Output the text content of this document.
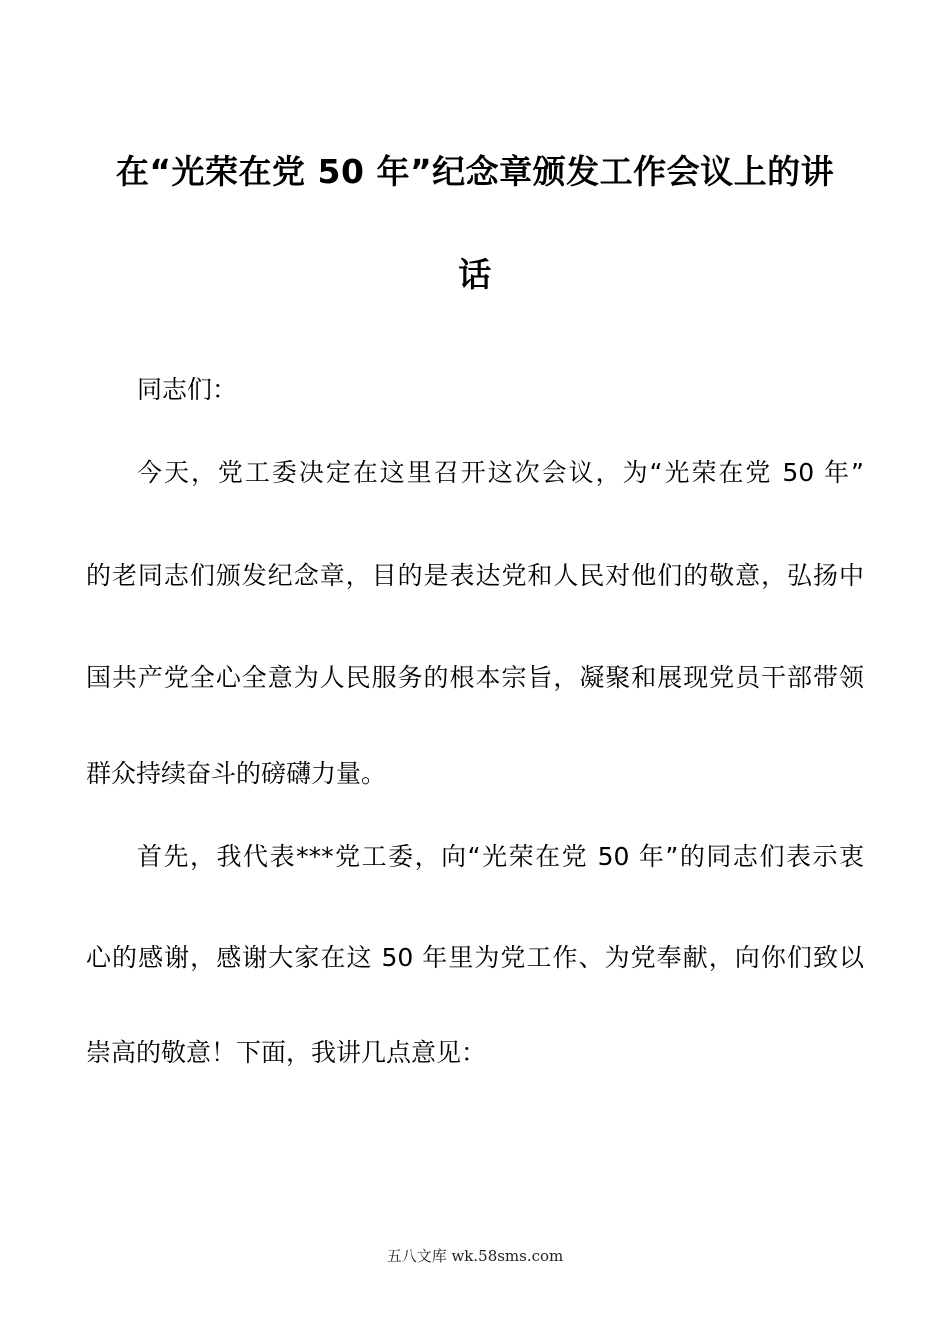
在“光荣在党 50 年”纪念章颁发工作会议上的讲
话
同志们：
今天，党工委决定在这里召开这次会议，为“光荣在党 50 年”
的老同志们颁发纪念章，目的是表达党和人民对他们的敬意，弘扬中
国共产党全心全意为人民服务的根本宗旨，凝聚和展现党员干部带领
群众持续奋斗的磅礴力量。
首先，我代表***党工委，向“光荣在党 50 年”的同志们表示衷
心的感谢，感谢大家在这 50 年里为党工作、为党奉献，向你们致以
崇高的敬意！下面，我讲几点意见：
五八文库 wk.58sms.com
